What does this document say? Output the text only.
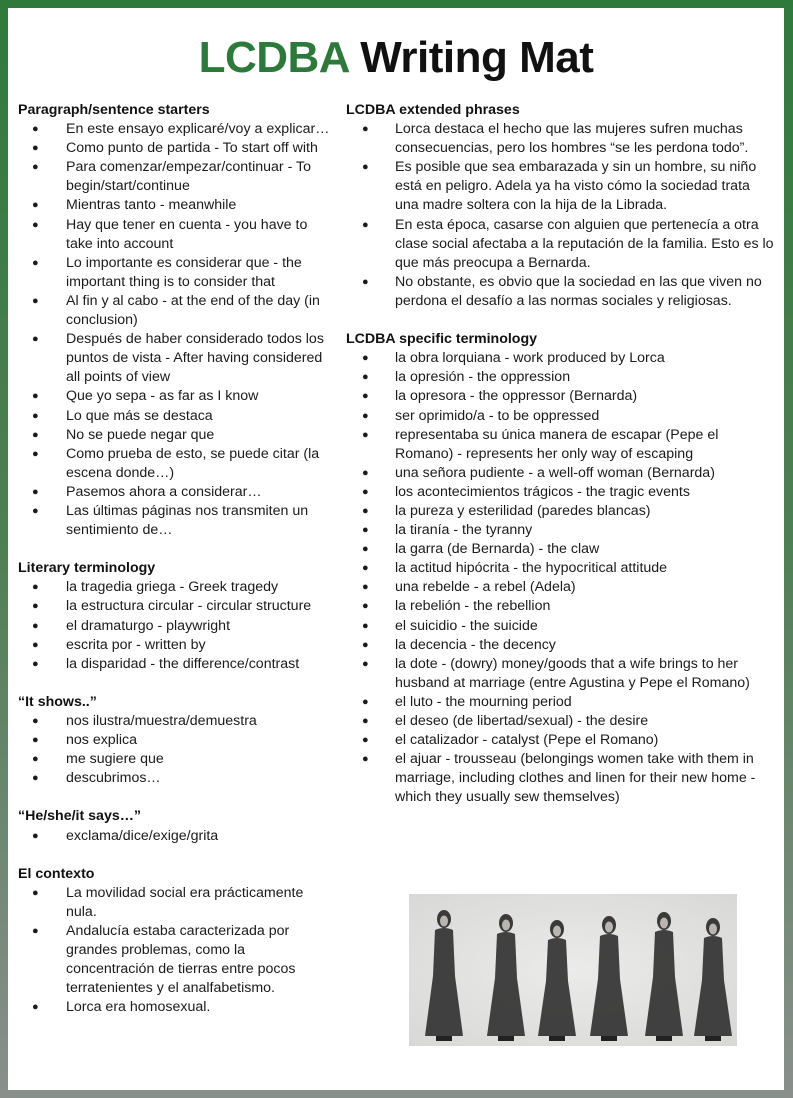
LCDBA Writing Mat
Paragraph/sentence starters
● En este ensayo explicaré/voy a explicar…
● Como punto de partida - To start off with
● Para comenzar/empezar/continuar - To begin/start/continue
● Mientras tanto - meanwhile
● Hay que tener en cuenta - you have to take into account
● Lo importante es considerar que - the important thing is to consider that
● Al fin y al cabo - at the end of the day (in conclusion)
● Después de haber considerado todos los puntos de vista - After having considered all points of view
● Que yo sepa - as far as I know
● Lo que más se destaca
● No se puede negar que
● Como prueba de esto, se puede citar (la escena donde…)
● Pasemos ahora a considerar…
● Las últimas páginas nos transmiten un sentimiento de…
Literary terminology
● la tragedia griega - Greek tragedy
● la estructura circular - circular structure
● el dramaturgo - playwright
● escrita por - written by
● la disparidad - the difference/contrast
“It shows..”
● nos ilustra/muestra/demuestra
● nos explica
● me sugiere que
● descubrimos…
“He/she/it says…”
● exclama/dice/exige/grita
El contexto
● La movilidad social era prácticamente nula.
● Andalucía estaba caracterizada por grandes problemas, como la concentración de tierras entre pocos terratenientes y el analfabetismo.
● Lorca era homosexual.
LCDBA extended phrases
● Lorca destaca el hecho que las mujeres sufren muchas consecuencias, pero los hombres “se les perdona todo”.
● Es posible que sea embarazada y sin un hombre, su niño está en peligro. Adela ya ha visto cómo la sociedad trata una madre soltera con la hija de la Librada.
● En esta época, casarse con alguien que pertenecía a otra clase social afectaba a la reputación de la familia. Esto es lo que más preocupa a Bernarda.
● No obstante, es obvio que la sociedad en las que viven no perdona el desafío a las normas sociales y religiosas.
LCDBA specific terminology
● la obra lorquiana - work produced by Lorca
● la opresión - the oppression
● la opresora - the oppressor (Bernarda)
● ser oprimido/a - to be oppressed
● representaba su única manera de escapar (Pepe el Romano) - represents her only way of escaping
● una señora pudiente - a well-off woman (Bernarda)
● los acontecimientos trágicos - the tragic events
● la pureza y esterilidad (paredes blancas)
● la tiranía - the tyranny
● la garra (de Bernarda) - the claw
● la actitud hipócrita - the hypocritical attitude
● una rebelde - a rebel (Adela)
● la rebelión - the rebellion
● el suicidio - the suicide
● la decencia - the decency
● la dote - (dowry) money/goods that a wife brings to her husband at marriage (entre Agustina y Pepe el Romano)
● el luto - the mourning period
● el deseo (de libertad/sexual) - the desire
● el catalizador - catalyst (Pepe el Romano)
● el ajuar - trousseau (belongings women take with them in marriage, including clothes and linen for their new home - which they usually sew themselves)
